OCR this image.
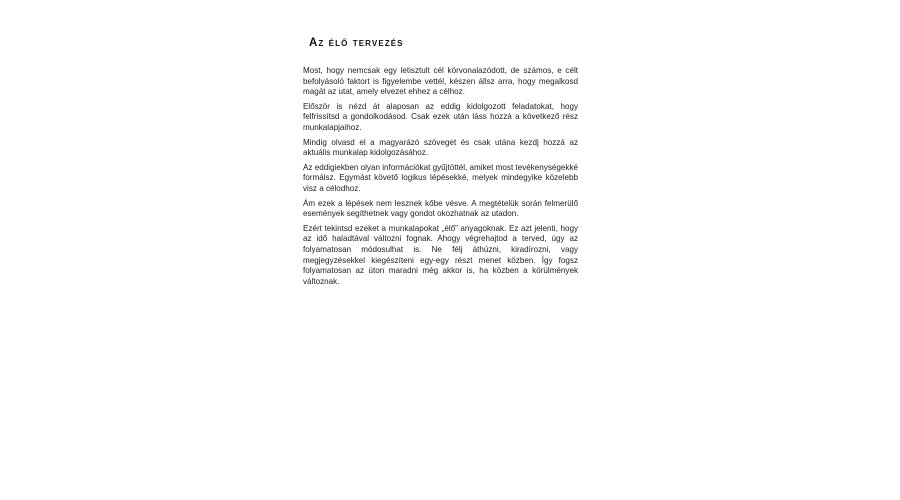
Az élő tervezés

Most, hogy nemcsak egy letisztult cél körvonalazódott, de számos, e célt befolyásoló faktort is figyelembe vettél, készen állsz arra, hogy megalkosd magát az utat, amely elvezet ehhez a célhoz.

Először is nézd át alaposan az eddig kidolgozott feladatokat, hogy felfrissítsd a gondolkodásod. Csak ezek után láss hozzá a következő rész munkalapjaihoz.

Mindig olvasd el a magyarázó szöveget és csak utána kezdj hozzá az aktuális munkalap kidolgozásához.

Az eddigiekben olyan információkat gyűjtöttél, amiket most tevékenységekké formálsz. Egymást követő logikus lépésekké, melyek mindegyike közelebb visz a célodhoz.

Ám ezek a lépések nem lesznek kőbe vésve. A megtételük során felmerülő események segíthetnek vagy gondot okozhatnak az utadon.

Ezért tekintsd ezeket a munkalapokat „élő” anyagoknak. Ez azt jelenti, hogy az idő haladtával változni fognak. Ahogy végrehajtod a terved, úgy az folyamatosan módosulhat is. Ne félj áthúzni, kiradírozni, vagy megjegyzésekkel kiegészíteni egy-egy részt menet közben. Így fogsz folyamatosan az úton maradni még akkor is, ha közben a körülmények változnak.
